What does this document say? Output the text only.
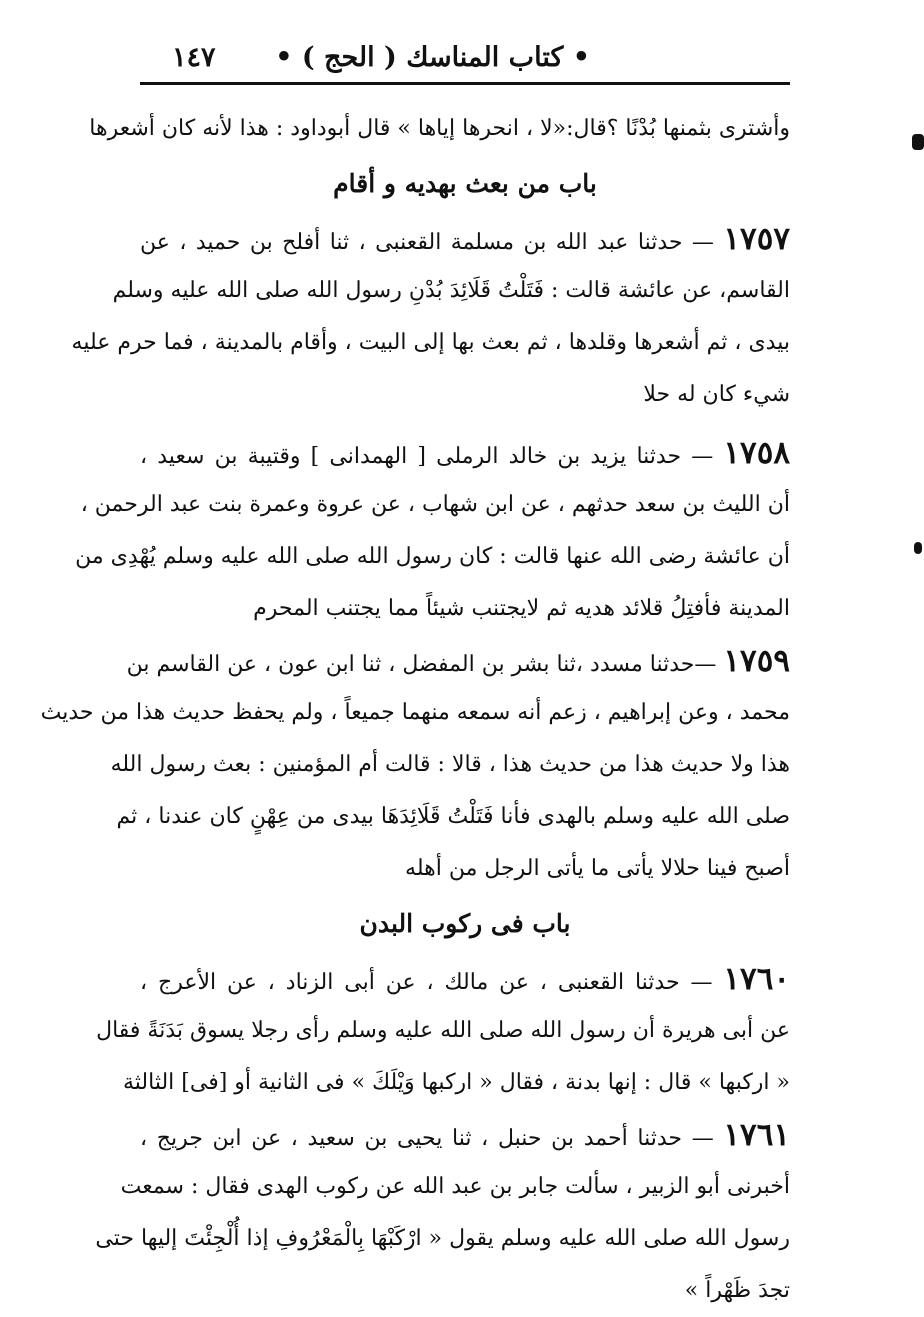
• كتاب المناسك ( الحج ) •
١٤٧
وأشترى بثمنها بُدْنًا ؟قال:«لا ، انحرها إياها » قال أبوداود : هذا لأنه كان أشعرها
باب من بعث بهديه و أقام
١٧٥٧ — حدثنا عبد الله بن مسلمة القعنبى ، ثنا أفلح بن حميد ، عن
القاسم، عن عائشة قالت : فَتَلْتُ قَلَائِدَ بُدْنِ رسول الله صلى الله عليه وسلم
بيدى ، ثم أشعرها وقلدها ، ثم بعث بها إلى البيت ، وأقام بالمدينة ، فما حرم عليه
شيء كان له حلا
١٧٥٨ — حدثنا يزيد بن خالد الرملى [ الهمدانى ] وقتيبة بن سعيد ،
أن الليث بن سعد حدثهم ، عن ابن شهاب ، عن عروة وعمرة بنت عبد الرحمن ،
أن عائشة رضى الله عنها قالت : كان رسول الله صلى الله عليه وسلم يُهْدِى من
المدينة فأفتِلُ قلائد هديه ثم لايجتنب شيئاً مما يجتنب المحرم
١٧٥٩ —حدثنا مسدد ،ثنا بشر بن المفضل ، ثنا ابن عون ، عن القاسم بن
محمد ، وعن إبراهيم ، زعم أنه سمعه منهما جميعاً ، ولم يحفظ حديث هذا من حديث
هذا ولا حديث هذا من حديث هذا ، قالا : قالت أم المؤمنين : بعث رسول الله
صلى الله عليه وسلم بالهدى فأنا فَتَلْتُ قَلَائِدَهَا بيدى من عِهْنٍ كان عندنا ، ثم
أصبح فينا حلالا يأتى ما يأتى الرجل من أهله
باب فى ركوب البدن
١٧٦٠ — حدثنا القعنبى ، عن مالك ، عن أبى الزناد ، عن الأعرج ،
عن أبى هريرة أن رسول الله صلى الله عليه وسلم رأى رجلا يسوق بَدَنَةً فقال
« اركبها » قال : إنها بدنة ، فقال « اركبها وَيْلَكَ » فى الثانية أو [فى] الثالثة
١٧٦١ — حدثنا أحمد بن حنبل ، ثنا يحيى بن سعيد ، عن ابن جريج ،
أخبرنى أبو الزبير ، سألت جابر بن عبد الله عن ركوب الهدى فقال : سمعت
رسول الله صلى الله عليه وسلم يقول « ارْكَبْهَا بِالْمَعْرُوفِ إذا أُلْجِئْتَ إليها حتى
تجدَ ظَهْراً »
